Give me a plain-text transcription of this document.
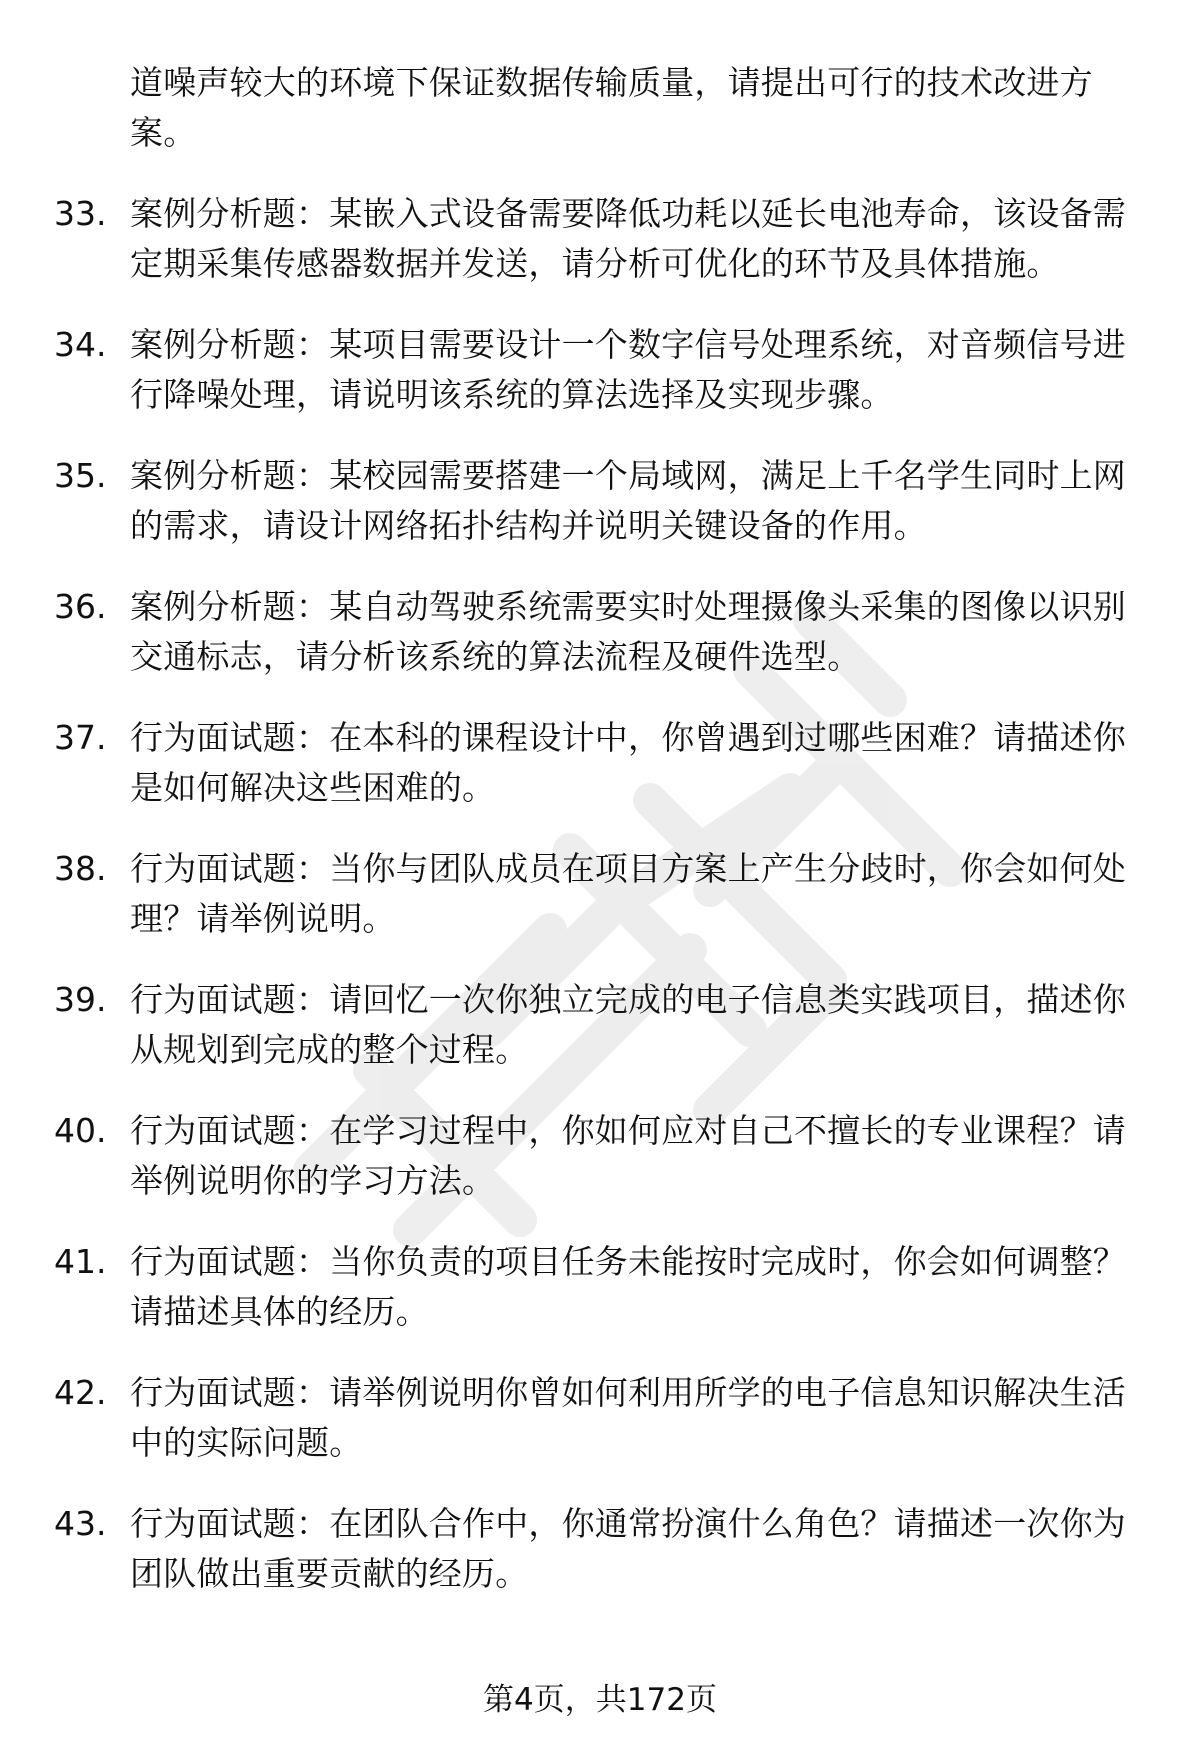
道噪声较大的环境下保证数据传输质量，请提出可行的技术改进方案。
33. 案例分析题：某嵌入式设备需要降低功耗以延长电池寿命，该设备需定期采集传感器数据并发送，请分析可优化的环节及具体措施。
34. 案例分析题：某项目需要设计一个数字信号处理系统，对音频信号进行降噪处理，请说明该系统的算法选择及实现步骤。
35. 案例分析题：某校园需要搭建一个局域网，满足上千名学生同时上网的需求，请设计网络拓扑结构并说明关键设备的作用。
36. 案例分析题：某自动驾驶系统需要实时处理摄像头采集的图像以识别交通标志，请分析该系统的算法流程及硬件选型。
37. 行为面试题：在本科的课程设计中，你曾遇到过哪些困难？请描述你是如何解决这些困难的。
38. 行为面试题：当你与团队成员在项目方案上产生分歧时，你会如何处理？请举例说明。
39. 行为面试题：请回忆一次你独立完成的电子信息类实践项目，描述你从规划到完成的整个过程。
40. 行为面试题：在学习过程中，你如何应对自己不擅长的专业课程？请举例说明你的学习方法。
41. 行为面试题：当你负责的项目任务未能按时完成时，你会如何调整？请描述具体的经历。
42. 行为面试题：请举例说明你曾如何利用所学的电子信息知识解决生活中的实际问题。
43. 行为面试题：在团队合作中，你通常扮演什么角色？请描述一次你为团队做出重要贡献的经历。
第4页，共172页
